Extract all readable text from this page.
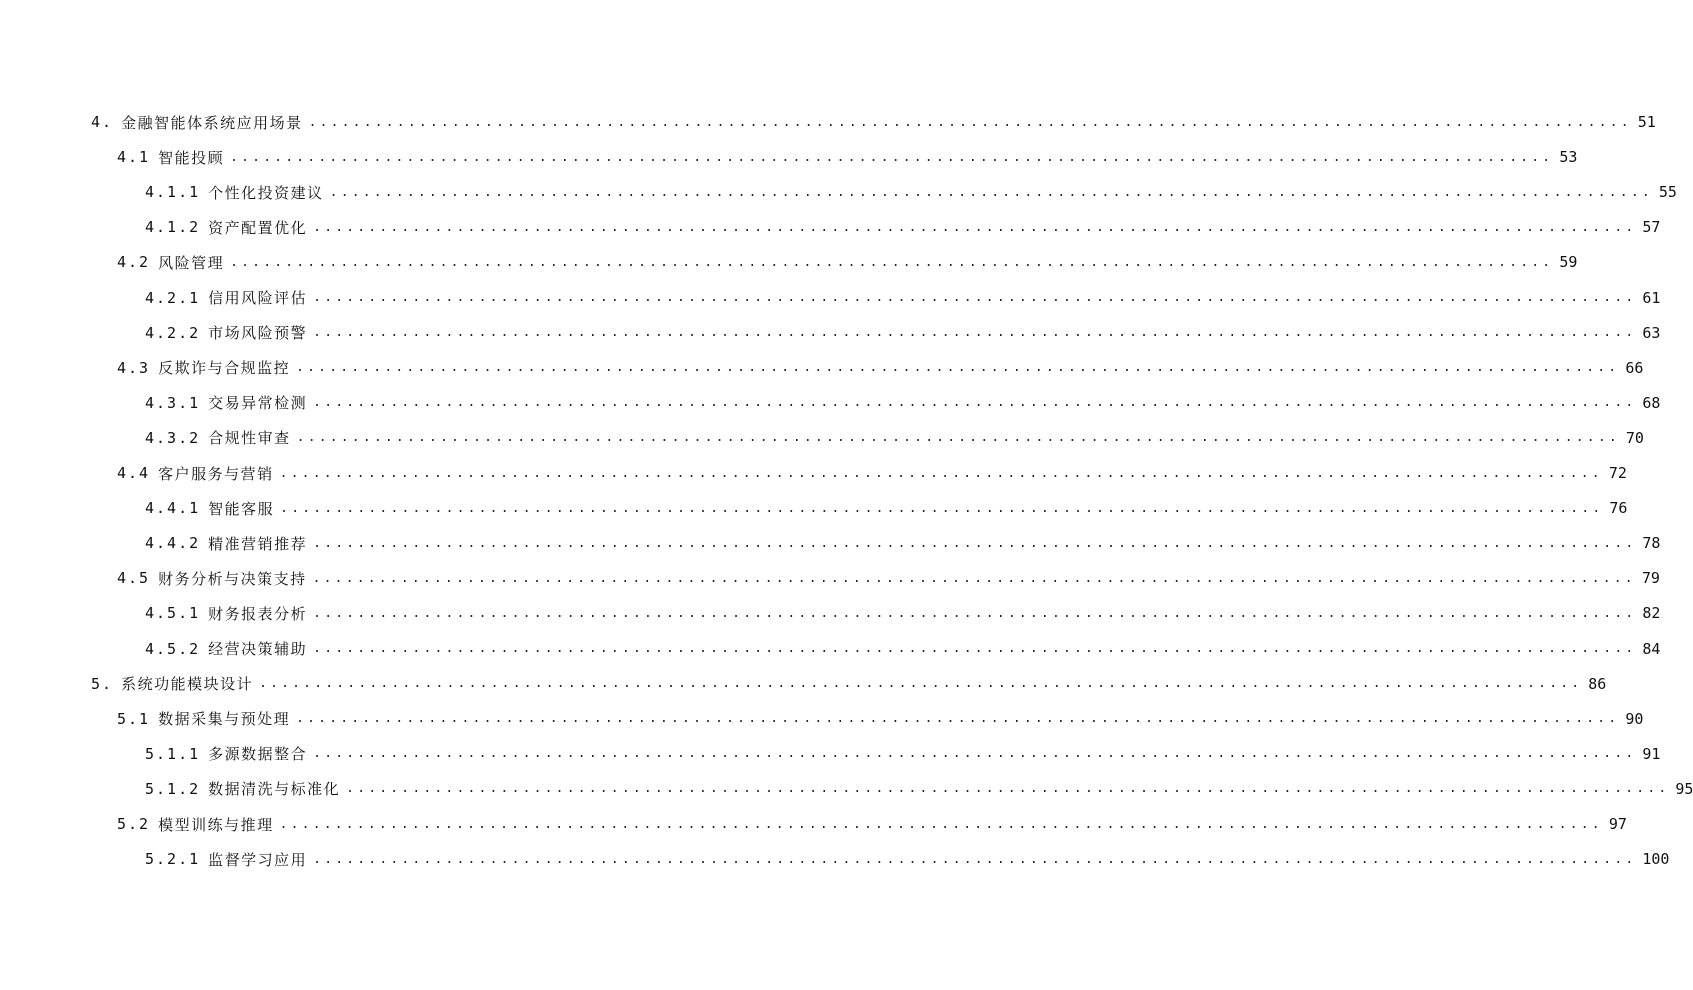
4. 金融智能体系统应用场景 ........................................................................................................................ 51
4.1 智能投顾 ........................................................................................................................ 53
4.1.1 个性化投资建议 ........................................................................................................................ 55
4.1.2 资产配置优化 ........................................................................................................................ 57
4.2 风险管理 ........................................................................................................................ 59
4.2.1 信用风险评估 ........................................................................................................................ 61
4.2.2 市场风险预警 ........................................................................................................................ 63
4.3 反欺诈与合规监控 ........................................................................................................................ 66
4.3.1 交易异常检测 ........................................................................................................................ 68
4.3.2 合规性审查 ........................................................................................................................ 70
4.4 客户服务与营销 ........................................................................................................................ 72
4.4.1 智能客服 ........................................................................................................................ 76
4.4.2 精准营销推荐 ........................................................................................................................ 78
4.5 财务分析与决策支持 ........................................................................................................................ 79
4.5.1 财务报表分析 ........................................................................................................................ 82
4.5.2 经营决策辅助 ........................................................................................................................ 84
5. 系统功能模块设计 ........................................................................................................................ 86
5.1 数据采集与预处理 ........................................................................................................................ 90
5.1.1 多源数据整合 ........................................................................................................................ 91
5.1.2 数据清洗与标准化 ........................................................................................................................ 95
5.2 模型训练与推理 ........................................................................................................................ 97
5.2.1 监督学习应用 ........................................................................................................................ 100
